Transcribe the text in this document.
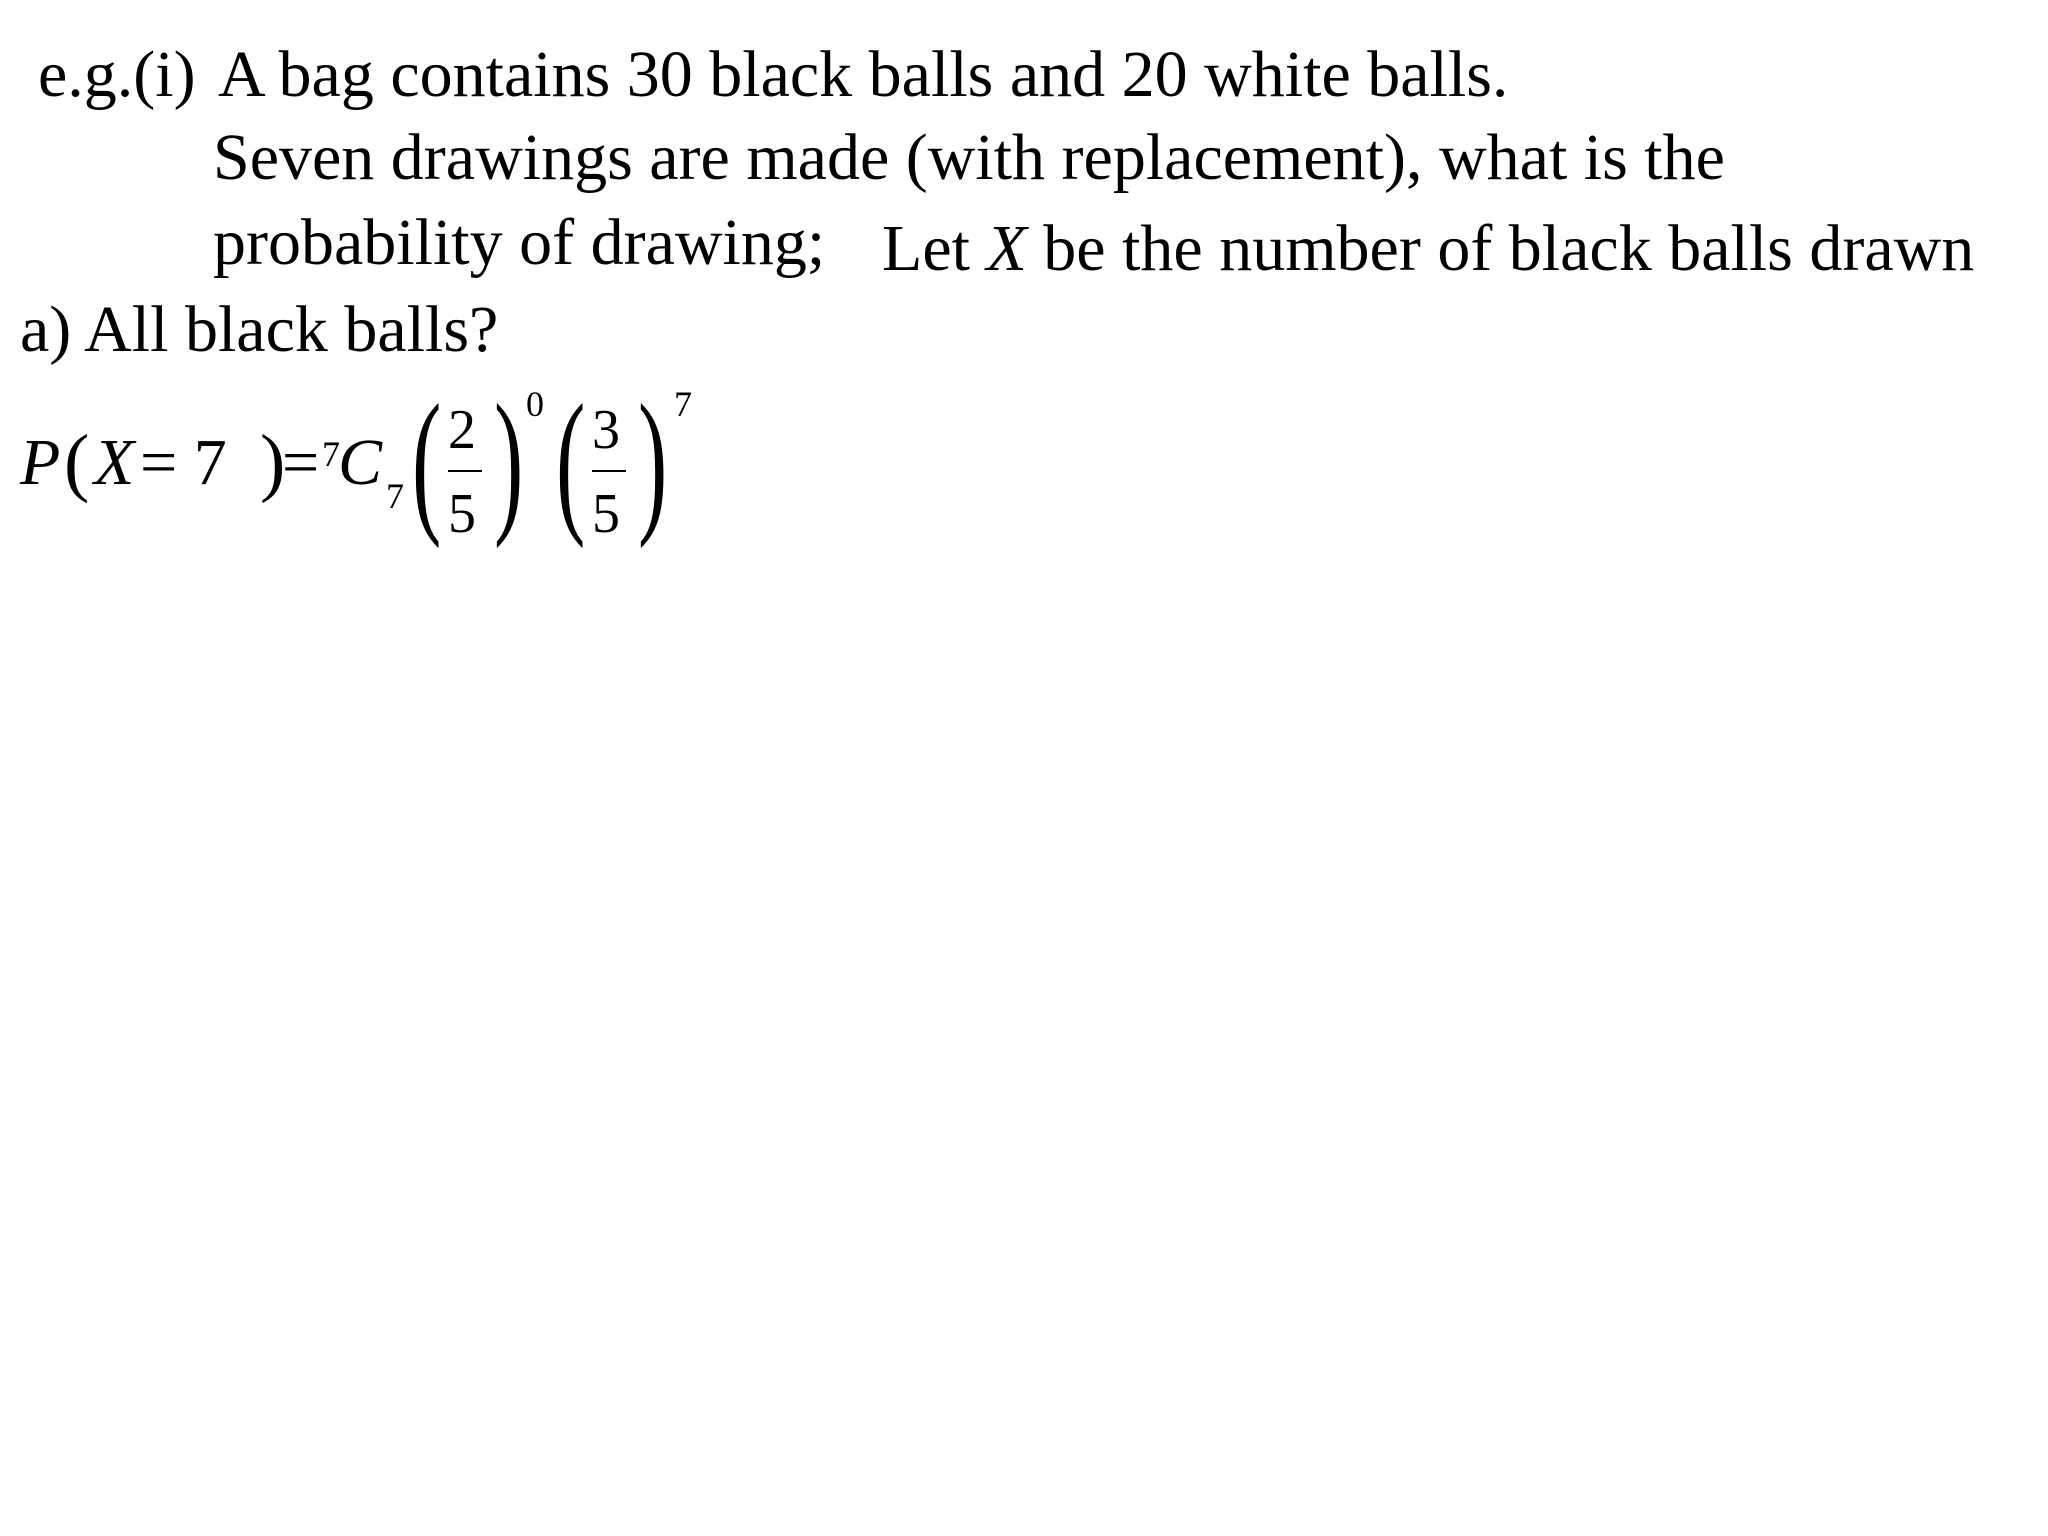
e.g.(i) A bag contains 30 black balls and 20 white balls.
Seven drawings are made (with replacement), what is the
probability of drawing; Let X be the number of black balls drawn
a) All black balls?
P ( X = 7 )
= 7
C 7 ( 2
5 ) 0 ( 3
5 ) 7
